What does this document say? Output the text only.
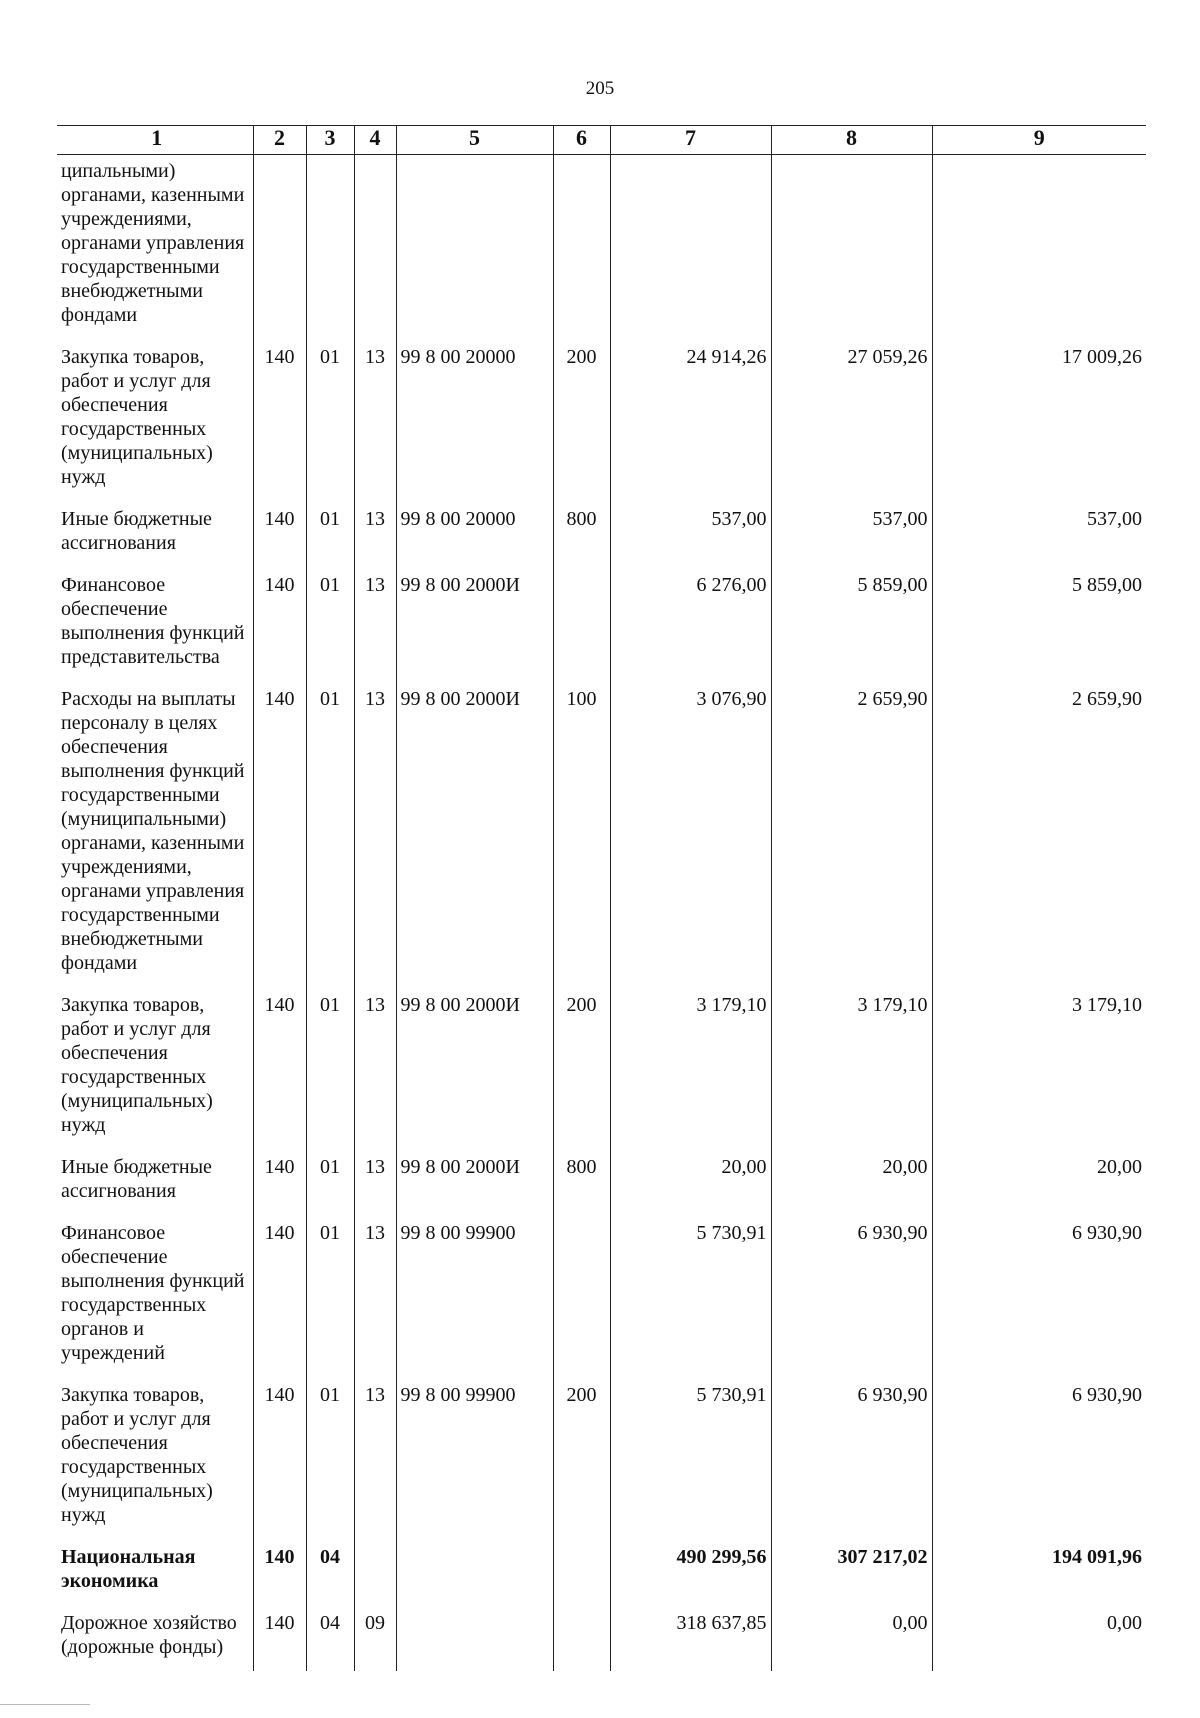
205
1	2	3	4	5	6	7	8	9
ципальными) органами, казенными учреждениями, органами управления государственными внебюджетными фондами								
Закупка товаров, работ и услуг для обеспечения государственных (муниципальных) нужд	140	01	13	99 8 00 20000	200	24 914,26	27 059,26	17 009,26
Иные бюджетные ассигнования	140	01	13	99 8 00 20000	800	537,00	537,00	537,00
Финансовое обеспечение выполнения функций представительства	140	01	13	99 8 00 2000И		6 276,00	5 859,00	5 859,00
Расходы на выплаты персоналу в целях обеспечения выполнения функций государственными (муниципальными) органами, казенными учреждениями, органами управления государственными внебюджетными фондами	140	01	13	99 8 00 2000И	100	3 076,90	2 659,90	2 659,90
Закупка товаров, работ и услуг для обеспечения государственных (муниципальных) нужд	140	01	13	99 8 00 2000И	200	3 179,10	3 179,10	3 179,10
Иные бюджетные ассигнования	140	01	13	99 8 00 2000И	800	20,00	20,00	20,00
Финансовое обеспечение выполнения функций государственных органов и учреждений	140	01	13	99 8 00 99900		5 730,91	6 930,90	6 930,90
Закупка товаров, работ и услуг для обеспечения государственных (муниципальных) нужд	140	01	13	99 8 00 99900	200	5 730,91	6 930,90	6 930,90
Национальная экономика	140	04				490 299,56	307 217,02	194 091,96
Дорожное хозяйство (дорожные фонды)	140	04	09			318 637,85	0,00	0,00
